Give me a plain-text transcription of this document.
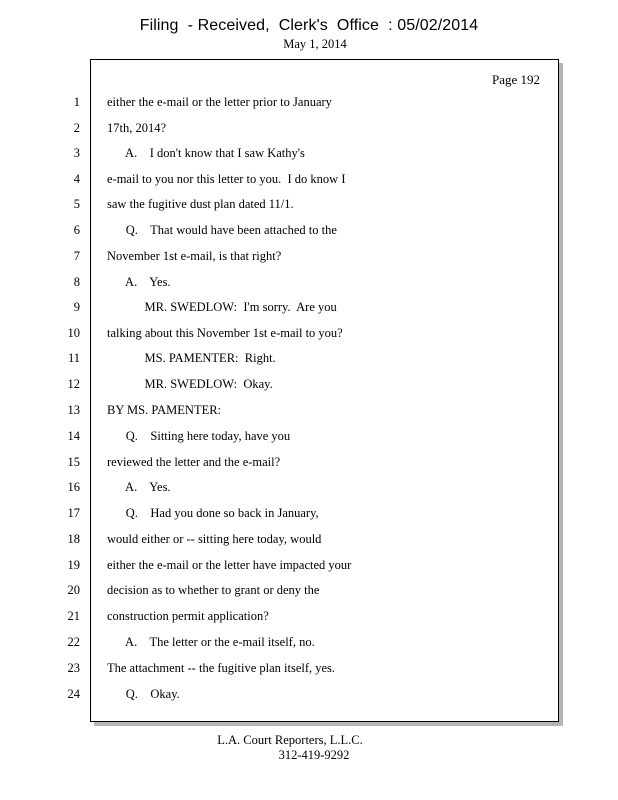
Filing  - Received,  Clerk's  Office  : 05/02/2014
May 1, 2014
Page 192
1 either the e-mail or the letter prior to January
2 17th, 2014?
3 A.    I don't know that I saw Kathy's
4 e-mail to you nor this letter to you.  I do know I
5 saw the fugitive dust plan dated 11/1.
6 Q.    That would have been attached to the
7 November 1st e-mail, is that right?
8 A.    Yes.
9 MR. SWEDLOW:  I'm sorry.  Are you
10 talking about this November 1st e-mail to you?
11 MS. PAMENTER:  Right.
12 MR. SWEDLOW:  Okay.
13 BY MS. PAMENTER:
14 Q.    Sitting here today, have you
15 reviewed the letter and the e-mail?
16 A.    Yes.
17 Q.    Had you done so back in January,
18 would either or -- sitting here today, would
19 either the e-mail or the letter have impacted your
20 decision as to whether to grant or deny the
21 construction permit application?
22 A.    The letter or the e-mail itself, no.
23 The attachment -- the fugitive plan itself, yes.
24 Q.    Okay.
L.A. Court Reporters, L.L.C.
312-419-9292
